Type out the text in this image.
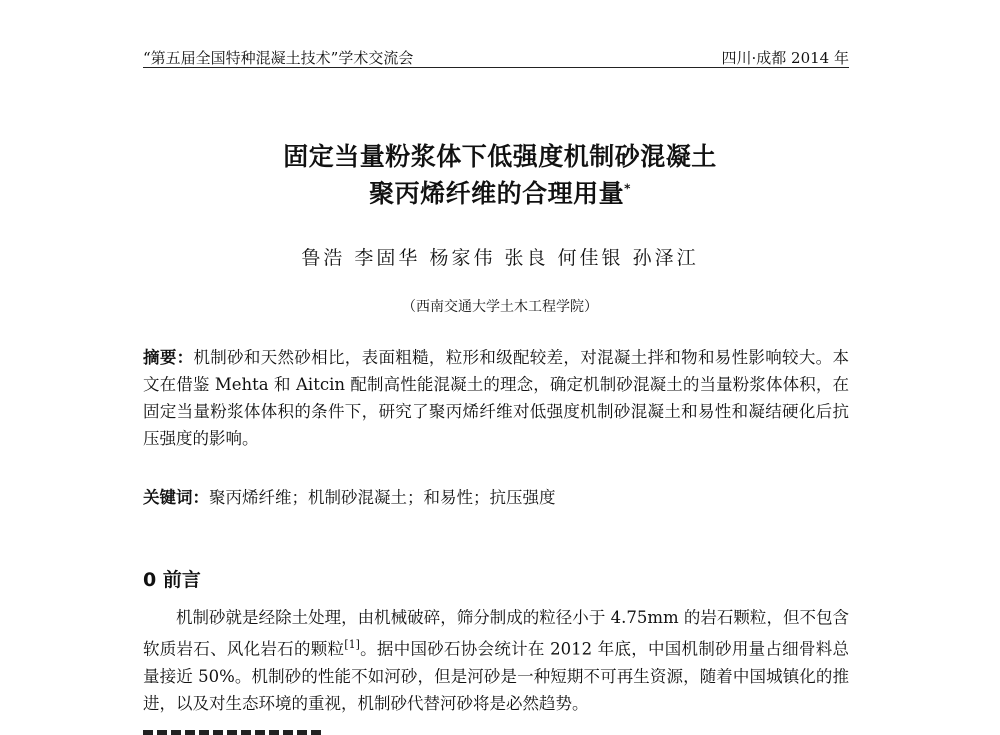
“第五届全国特种混凝土技术”学术交流会	四川·成都 2014 年
固定当量粉浆体下低强度机制砂混凝土
聚丙烯纤维的合理用量*
鲁浩 李固华 杨家伟 张良 何佳银 孙泽江
（西南交通大学土木工程学院）
摘要：机制砂和天然砂相比，表面粗糙，粒形和级配较差，对混凝土拌和物和易性影响较大。本文在借鉴 Mehta 和 Aitcin 配制高性能混凝土的理念，确定机制砂混凝土的当量粉浆体体积，在固定当量粉浆体体积的条件下，研究了聚丙烯纤维对低强度机制砂混凝土和易性和凝结硬化后抗压强度的影响。
关键词：聚丙烯纤维；机制砂混凝土；和易性；抗压强度
0 前言
机制砂就是经除土处理，由机械破碎，筛分制成的粒径小于 4.75mm 的岩石颗粒，但不包含软质岩石、风化岩石的颗粒[1]。据中国砂石协会统计在 2012 年底，中国机制砂用量占细骨料总量接近 50%。机制砂的性能不如河砂，但是河砂是一种短期不可再生资源，随着中国城镇化的推进，以及对生态环境的重视，机制砂代替河砂将是必然趋势。
